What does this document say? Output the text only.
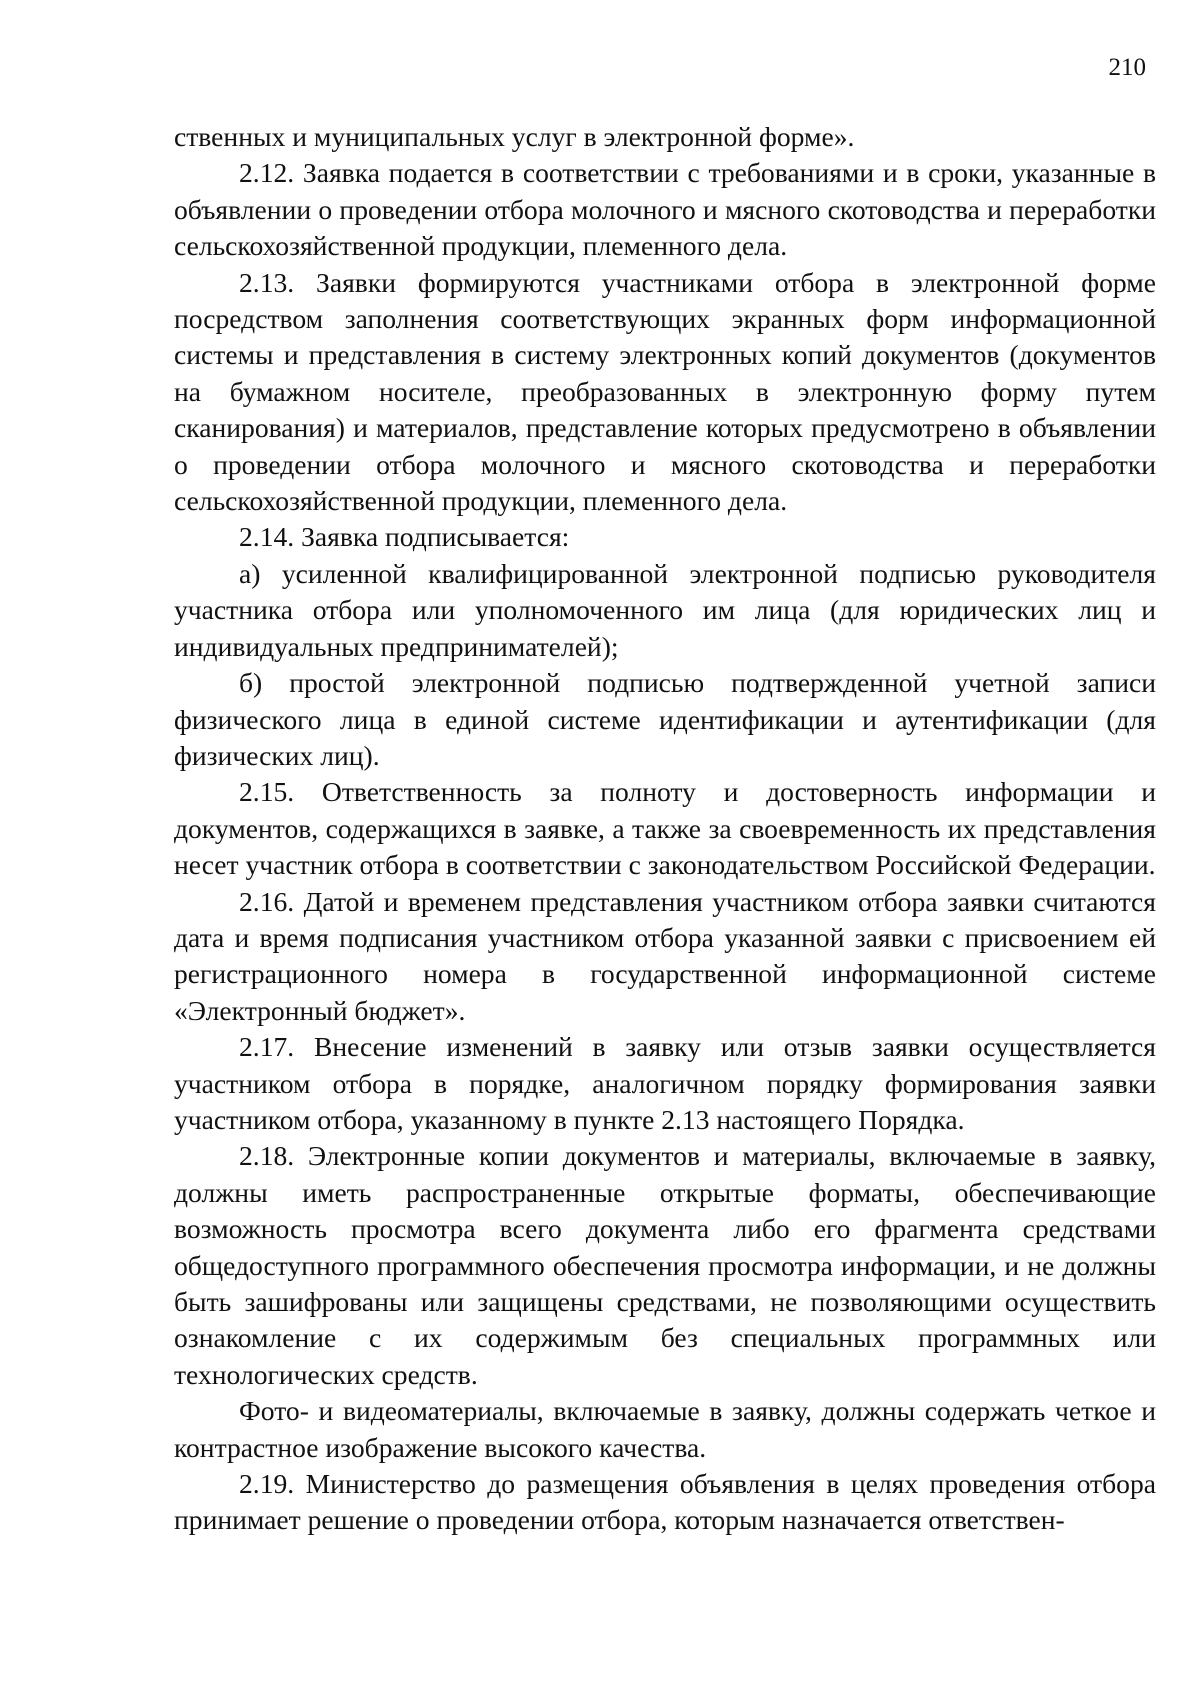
210

ственных и муниципальных услуг в электронной форме».

2.12. Заявка подается в соответствии с требованиями и в сроки, указанные в объявлении о проведении отбора молочного и мясного скотоводства и переработки сельскохозяйственной продукции, племенного дела.

2.13. Заявки формируются участниками отбора в электронной форме посредством заполнения соответствующих экранных форм информационной системы и представления в систему электронных копий документов (документов на бумажном носителе, преобразованных в электронную форму путем сканирования) и материалов, представление которых предусмотрено в объявлении о проведении отбора молочного и мясного скотоводства и переработки сельскохозяйственной продукции, племенного дела.

2.14. Заявка подписывается:

а) усиленной квалифицированной электронной подписью руководителя участника отбора или уполномоченного им лица (для юридических лиц и индивидуальных предпринимателей);

б) простой электронной подписью подтвержденной учетной записи физического лица в единой системе идентификации и аутентификации (для физических лиц).

2.15. Ответственность за полноту и достоверность информации и документов, содержащихся в заявке, а также за своевременность их представления несет участник отбора в соответствии с законодательством Российской Федерации.

2.16. Датой и временем представления участником отбора заявки считаются дата и время подписания участником отбора указанной заявки с присвоением ей регистрационного номера в государственной информационной системе «Электронный бюджет».

2.17. Внесение изменений в заявку или отзыв заявки осуществляется участником отбора в порядке, аналогичном порядку формирования заявки участником отбора, указанному в пункте 2.13 настоящего Порядка.

2.18. Электронные копии документов и материалы, включаемые в заявку, должны иметь распространенные открытые форматы, обеспечивающие возможность просмотра всего документа либо его фрагмента средствами общедоступного программного обеспечения просмотра информации, и не должны быть зашифрованы или защищены средствами, не позволяющими осуществить ознакомление с их содержимым без специальных программных или технологических средств.

Фото- и видеоматериалы, включаемые в заявку, должны содержать четкое и контрастное изображение высокого качества.

2.19. Министерство до размещения объявления в целях проведения отбора принимает решение о проведении отбора, которым назначается ответствен-
